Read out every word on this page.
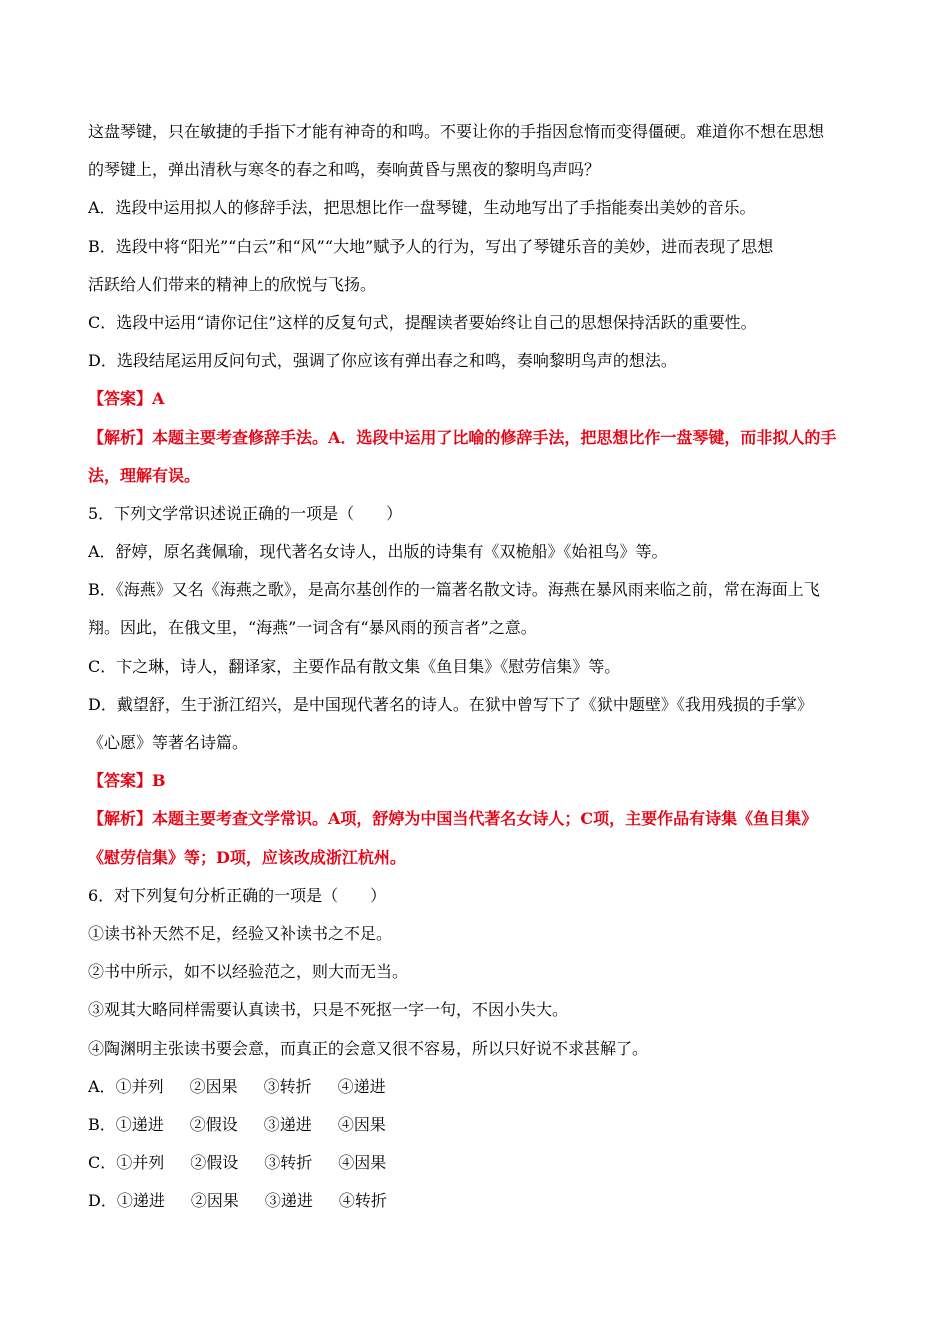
这盘琴键，只在敏捷的手指下才能有神奇的和鸣。不要让你的手指因怠惰而变得僵硬。难道你不想在思想

的琴键上，弹出清秋与寒冬的春之和鸣，奏响黄昏与黑夜的黎明鸟声吗？

A．选段中运用拟人的修辞手法，把思想比作一盘琴键，生动地写出了手指能奏出美妙的音乐。

B．选段中将“阳光”“白云”和“风”“大地”赋予人的行为，写出了琴键乐音的美妙，进而表现了思想

活跃给人们带来的精神上的欣悦与飞扬。

C．选段中运用“请你记住”这样的反复句式，提醒读者要始终让自己的思想保持活跃的重要性。

D．选段结尾运用反问句式，强调了你应该有弹出春之和鸣，奏响黎明鸟声的想法。

【答案】A

【解析】本题主要考查修辞手法。A．选段中运用了比喻的修辞手法，把思想比作一盘琴键，而非拟人的手

法，理解有误。

5．下列文学常识述说正确的一项是（　　）

A．舒婷，原名龚佩瑜，现代著名女诗人，出版的诗集有《双桅船》《始祖鸟》等。

B．《海燕》又名《海燕之歌》，是高尔基创作的一篇著名散文诗。海燕在暴风雨来临之前，常在海面上飞

翔。因此，在俄文里，“海燕”一词含有“暴风雨的预言者”之意。

C．卞之琳，诗人，翻译家，主要作品有散文集《鱼目集》《慰劳信集》等。

D．戴望舒，生于浙江绍兴，是中国现代著名的诗人。在狱中曾写下了《狱中题壁》《我用残损的手掌》

《心愿》等著名诗篇。

【答案】B

【解析】本题主要考查文学常识。A项，舒婷为中国当代著名女诗人；C项，主要作品有诗集《鱼目集》

《慰劳信集》等；D项，应该改成浙江杭州。

6．对下列复句分析正确的一项是（　　）

①读书补天然不足，经验又补读书之不足。

②书中所示，如不以经验范之，则大而无当。

③观其大略同样需要认真读书，只是不死抠一字一句，不因小失大。

④陶渊明主张读书要会意，而真正的会意又很不容易，所以只好说不求甚解了。

A．①并列 ②因果 ③转折 ④递进

B．①递进 ②假设 ③递进 ④因果

C．①并列 ②假设 ③转折 ④因果

D．①递进 ②因果 ③递进 ④转折
